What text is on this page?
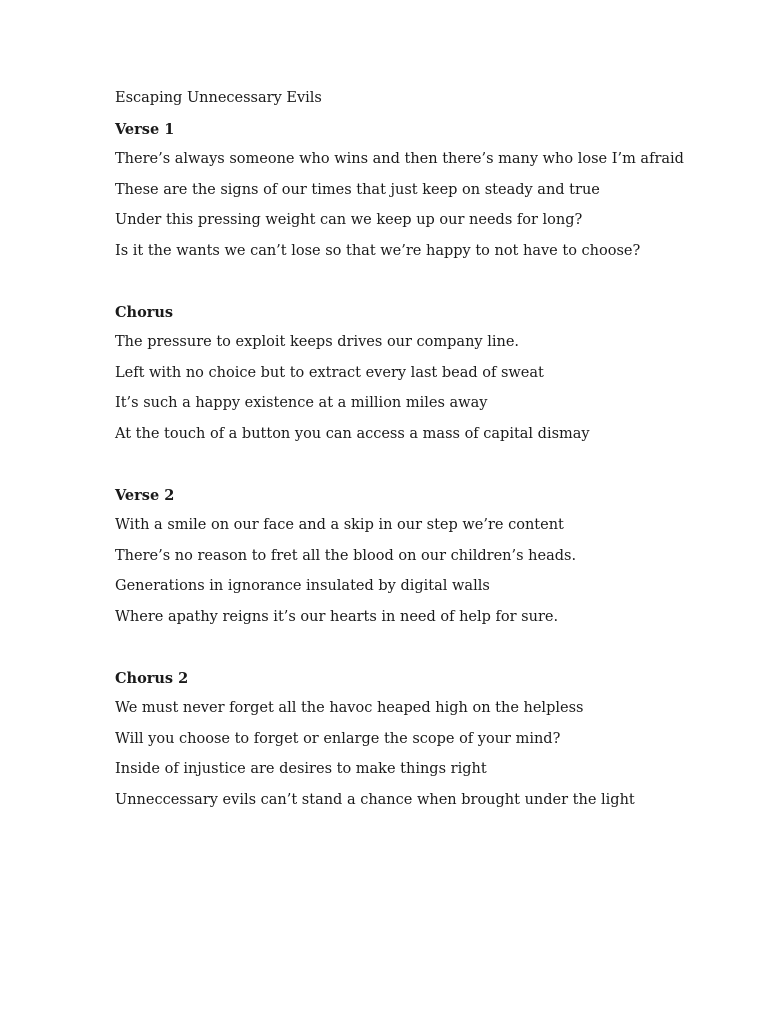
Escaping Unnecessary Evils

Verse 1

There’s always someone who wins and then there’s many who lose I’m afraid

These are the signs of our times that just keep on steady and true

Under this pressing weight can we keep up our needs for long?

Is it the wants we can’t lose so that we’re happy to not have to choose?

Chorus

The pressure to exploit keeps drives our company line.

Left with no choice but to extract every last bead of sweat

It’s such a happy existence at a million miles away

At the touch of a button you can access a mass of capital dismay

Verse 2

With a smile on our face and a skip in our step we’re content

There’s no reason to fret all the blood on our children’s heads.

Generations in ignorance insulated by digital walls

Where apathy reigns it’s our hearts in need of help for sure.

Chorus 2

We must never forget all the havoc heaped high on the helpless

Will you choose to forget or enlarge the scope of your mind?

Inside of injustice are desires to make things right

Unneccessary evils can’t stand a chance when brought under the light
